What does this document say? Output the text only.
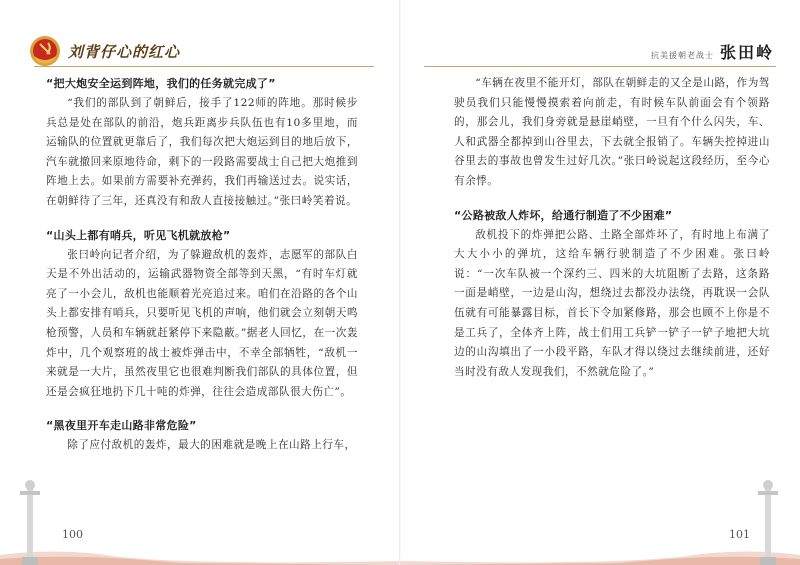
刘背仔心的红心

“把大炮安全运到阵地，我们的任务就完成了”

“我们的部队到了朝鲜后，接手了122师的阵地。那时候步兵总是处在部队的前沿，炮兵距离步兵队伍也有10多里地，而运输队的位置就更靠后了，我们每次把大炮运到目的地后放下，汽车就撤回来原地待命，剩下的一段路需要战士自己把大炮推到阵地上去。如果前方需要补充弹药，我们再输送过去。说实话，在朝鲜待了三年，还真没有和敌人直接接触过。”张曰岭笑着说。

“山头上都有哨兵，听见飞机就放枪”

张曰岭向记者介绍，为了躲避敌机的轰炸，志愿军的部队白天是不外出活动的，运输武器物资全部等到天黑，“有时车灯就亮了一小会儿，敌机也能顺着光亮追过来。咱们在沿路的各个山头上都安排有哨兵，只要听见飞机的声响，他们就会立刻朝天鸣枪预警，人员和车辆就赶紧停下来隐蔽。”据老人回忆，在一次轰炸中，几个观察班的战士被炸弹击中，不幸全部牺牲，“敌机一来就是一大片，虽然夜里它也很难判断我们部队的具体位置，但还是会疯狂地扔下几十吨的炸弹，往往会造成部队很大伤亡”。

“黑夜里开车走山路非常危险”

除了应付敌机的轰炸，最大的困难就是晚上在山路上行车，

100
抗美援朝老战士 张田岭

“车辆在夜里不能开灯，部队在朝鲜走的又全是山路，作为驾驶员我们只能慢慢摸索着向前走，有时候车队前面会有个领路的，那会儿，我们身旁就是悬崖峭壁，一旦有个什么闪失，车、人和武器全都掉到山谷里去，下去就全报销了。车辆失控掉进山谷里去的事故也曾发生过好几次。”张曰岭说起这段经历，至今心有余悸。

“公路被敌人炸坏，给通行制造了不少困难”

敌机投下的炸弹把公路、土路全部炸坏了，有时地上布满了大大小小的弹坑，这给车辆行驶制造了不少困难。张曰岭说：“一次车队被一个深约三、四米的大坑阻断了去路，这条路一面是峭壁，一边是山沟，想绕过去都没办法绕，再耽误一会队伍就有可能暴露目标，首长下令加紧修路，那会也顾不上你是不是工兵了，全体齐上阵，战士们用工兵铲一铲子一铲子地把大坑边的山沟填出了一小段平路，车队才得以绕过去继续前进，还好当时没有敌人发现我们，不然就危险了。”

101
